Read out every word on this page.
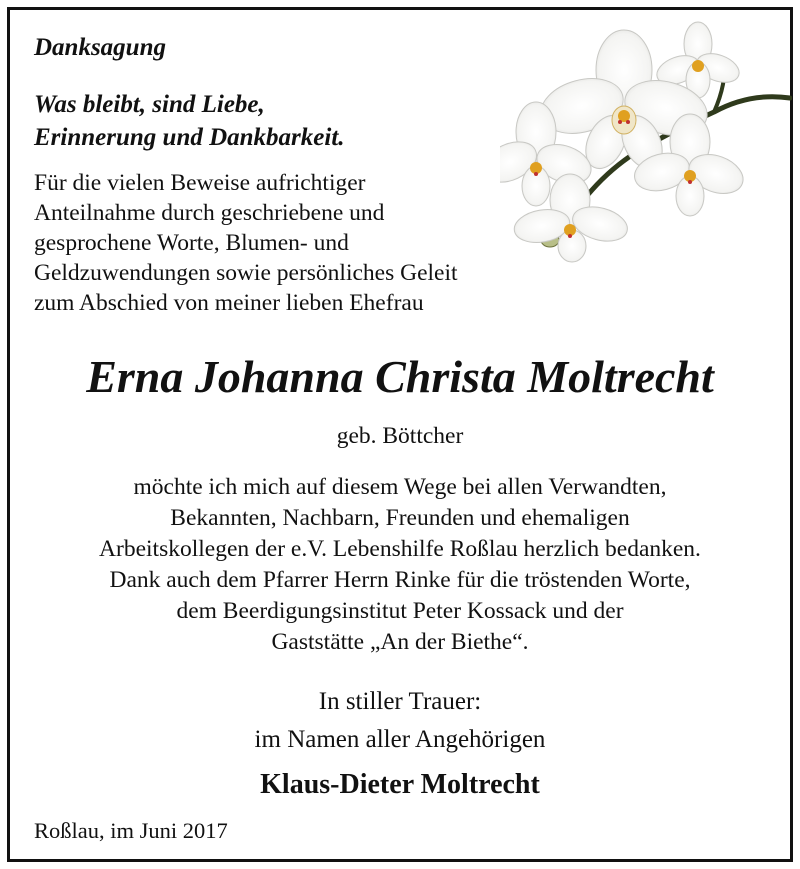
Danksagung
Was bleibt, sind Liebe,
Erinnerung und Dankbarkeit.
Für die vielen Beweise aufrichtiger
Anteilnahme durch geschriebene und
gesprochene Worte, Blumen- und
Geldzuwendungen sowie persönliches Geleit
zum Abschied von meiner lieben Ehefrau
Erna Johanna Christa Moltrecht
geb. Böttcher
möchte ich mich auf diesem Wege bei allen Verwandten,
Bekannten, Nachbarn, Freunden und ehemaligen
Arbeitskollegen der e.V. Lebenshilfe Roßlau herzlich bedanken.
Dank auch dem Pfarrer Herrn Rinke für die tröstenden Worte,
dem Beerdigungsinstitut Peter Kossack und der
Gaststätte „An der Biethe“.
In stiller Trauer:
im Namen aller Angehörigen
Klaus-Dieter Moltrecht
Roßlau, im Juni 2017
